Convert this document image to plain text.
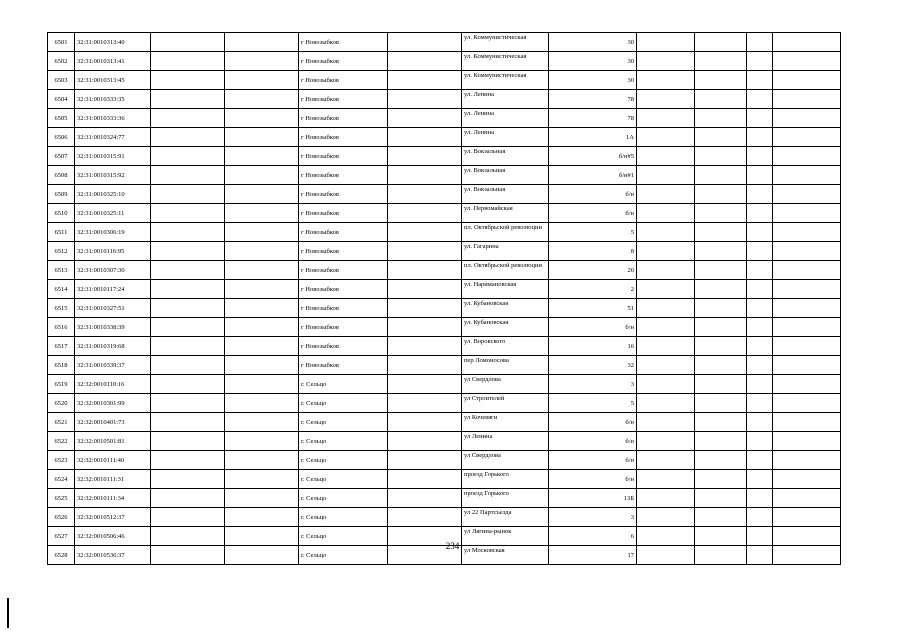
6501	32:31:0010313:40			г Новозыбков		ул. Коммунистическая	30				
6502	32:31:0010313:41			г Новозыбков		ул. Коммунистическая	30				
6503	32:31:0010313:45			г Новозыбков		ул. Коммунистическая	30				
6504	32:31:0010333:35			г Новозыбков		ул. Ленина	78				
6505	32:31:0010333:36			г Новозыбков		ул. Ленина	78				
6506	32:31:0010324:77			г Новозыбков		ул. Ленина	1А				
6507	32:31:0010315:91			г Новозыбков		ул. Вокзальная	б/н#5				
6508	32:31:0010315:92			г Новозыбков		ул. Вокзальная	б/н#1				
6509	32:31:0010325:10			г Новозыбков		ул. Вокзальная	б/н				
6510	32:31:0010325:11			г Новозыбков		ул. Первомайская	б/н				
6511	32:31:0010306:19			г Новозыбков		пл. Октябрьской революции	5				
6512	32:31:0010116:95			г Новозыбков		ул. Гагарина	8				
6513	32:31:0010307:30			г Новозыбков		пл. Октябрьской революции	20				
6514	32:31:0010117:24			г Новозыбков		ул. Наримановская	2				
6515	32:31:0010327:51			г Новозыбков		ул. Кубановская	51				
6516	32:31:0010338:39			г Новозыбков		ул. Кубановская	б/н				
6517	32:31:0010319:68			г Новозыбков		ул. Воровского	16				
6518	32:31:0010339:37			г Новозыбков		пер Ломоносова	32				
6519	32:32:0010110:16			г. Сельцо		ул Свердлова	3				
6520	32:32:0010301:99			г. Сельцо		ул Строителей	5				
6521	32:32:0010401:73			г. Сельцо		ул Кочевяги	б/н				
6522	32:32:0010501:81			г. Сельцо		ул Ленина	б/н				
6523	32:32:0010111:40			г. Сельцо		ул Свердлова	б/н				
6524	32:32:0010111:31			г. Сельцо		проезд Горького	б/н				
6525	32:32:0010111:34			г. Сельцо		проезд Горького	13Б				
6526	32:32:0010512:37			г. Сельцо		ул 22 Партсъезда	3				
6527	32:32:0010506:46			г. Сельцо		ул Лягина-рынок	6				
6528	32:32:0010536:37			г. Сельцо		ул Московская	17				
234
